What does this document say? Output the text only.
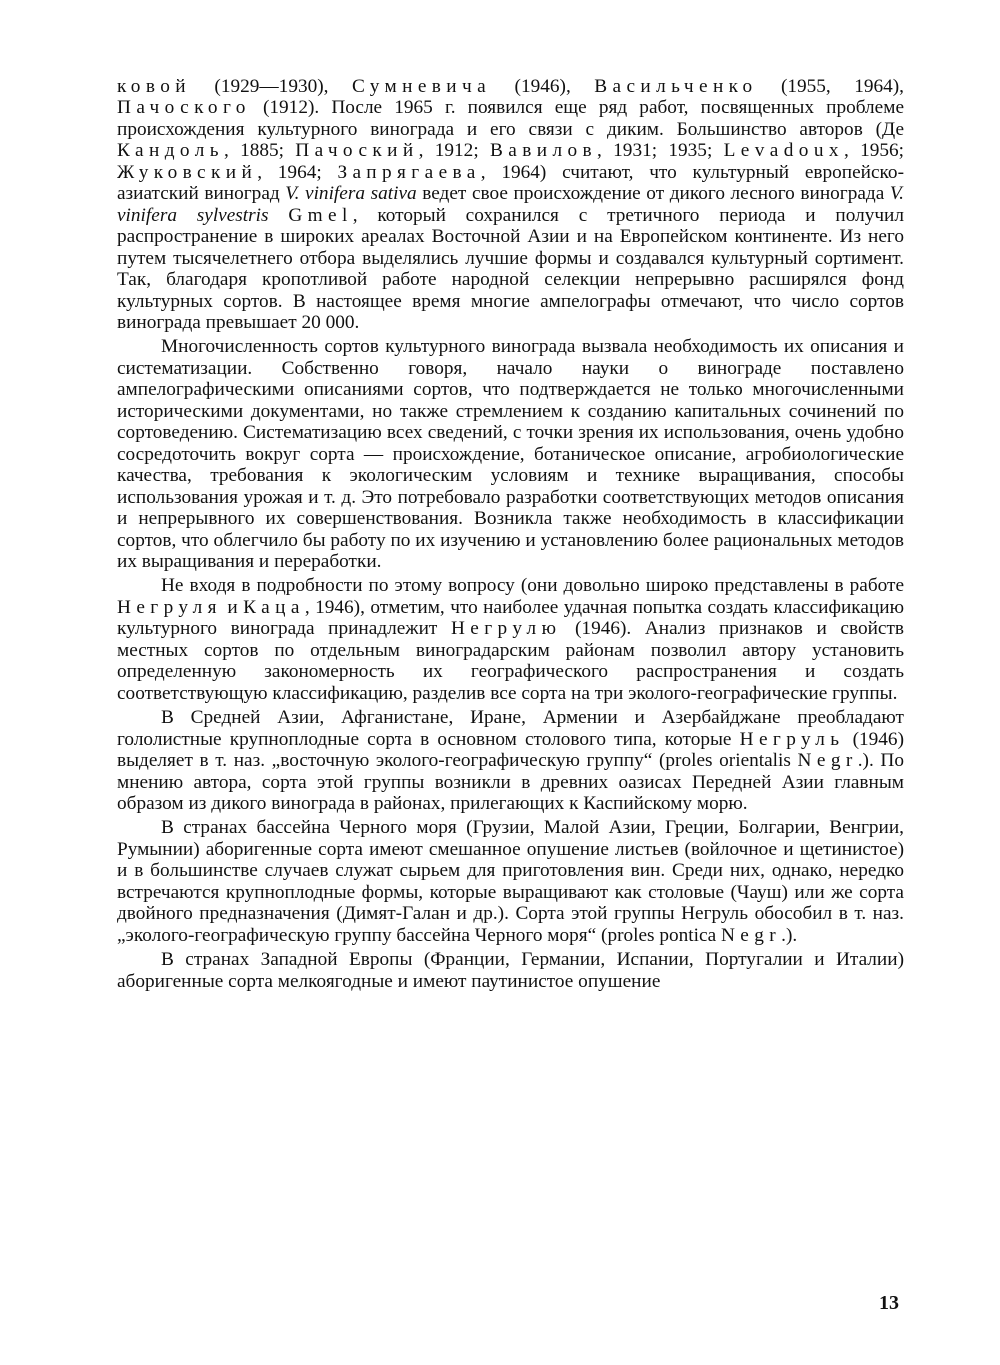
ковой (1929—1930), Сумневича (1946), Васильченко (1955, 1964), Пачоского (1912). После 1965 г. появился еще ряд работ, посвященных проблеме происхождения культурного винограда и его связи с диким. Большинство авторов (Де Кандоль, 1885; Пачоский, 1912; Вавилов, 1931; 1935; Levadoux, 1956; Жуковский, 1964; Запрягаева, 1964) считают, что культурный европейско-азиатский виноград V. vinifera sativa ведет свое происхождение от дикого лесного винограда V. vinifera sylvestris Gmel, который сохранился с третичного периода и получил распространение в широких ареалах Восточной Азии и на Европейском континенте. Из него путем тысячелетнего отбора выделялись лучшие формы и создавался культурный сортимент. Так, благодаря кропотливой работе народной селекции непрерывно расширялся фонд культурных сортов. В настоящее время многие ампелографы отмечают, что число сортов винограда превышает 20 000.

Многочисленность сортов культурного винограда вызвала необходимость их описания и систематизации. Собственно говоря, начало науки о винограде поставлено ампелографическими описаниями сортов, что подтверждается не только многочисленными историческими документами, но также стремлением к созданию капитальных сочинений по сортоведению. Систематизацию всех сведений, с точки зрения их использования, очень удобно сосредоточить вокруг сорта — происхождение, ботаническое описание, агробиологические качества, требования к экологическим условиям и технике выращивания, способы использования урожая и т. д. Это потребовало разработки соответствующих методов описания и непрерывного их совершенствования. Возникла также необходимость в классификации сортов, что облегчило бы работу по их изучению и установлению более рациональных методов их выращивания и переработки.

Не входя в подробности по этому вопросу (они довольно широко представлены в работе Негруля и Каца, 1946), отметим, что наиболее удачная попытка создать классификацию культурного винограда принадлежит Негрулю (1946). Анализ признаков и свойств местных сортов по отдельным виноградарским районам позволил автору установить определенную закономерность их географического распространения и создать соответствующую классификацию, разделив все сорта на три эколого-географические группы.

В Средней Азии, Афганистане, Иране, Армении и Азербайджане преобладают гололистные крупноплодные сорта в основном столового типа, которые Негруль (1946) выделяет в т. наз. „восточную эколого-географическую группу“ (proles orientalis Negr.). По мнению автора, сорта этой группы возникли в древних оазисах Передней Азии главным образом из дикого винограда в районах, прилегающих к Каспийскому морю.

В странах бассейна Черного моря (Грузии, Малой Азии, Греции, Болгарии, Венгрии, Румынии) аборигенные сорта имеют смешанное опушение листьев (войлочное и щетинистое) и в большинстве случаев служат сырьем для приготовления вин. Среди них, однако, нередко встречаются крупноплодные формы, которые выращивают как столовые (Чауш) или же сорта двойного предназначения (Димят-Галан и др.). Сорта этой группы Негруль обособил в т. наз. „эколого-географическую группу бассейна Черного моря“ (proles pontica Negr.).

В странах Западной Европы (Франции, Германии, Испании, Португалии и Италии) аборигенные сорта мелкоягодные и имеют паутинистое опушение

13
